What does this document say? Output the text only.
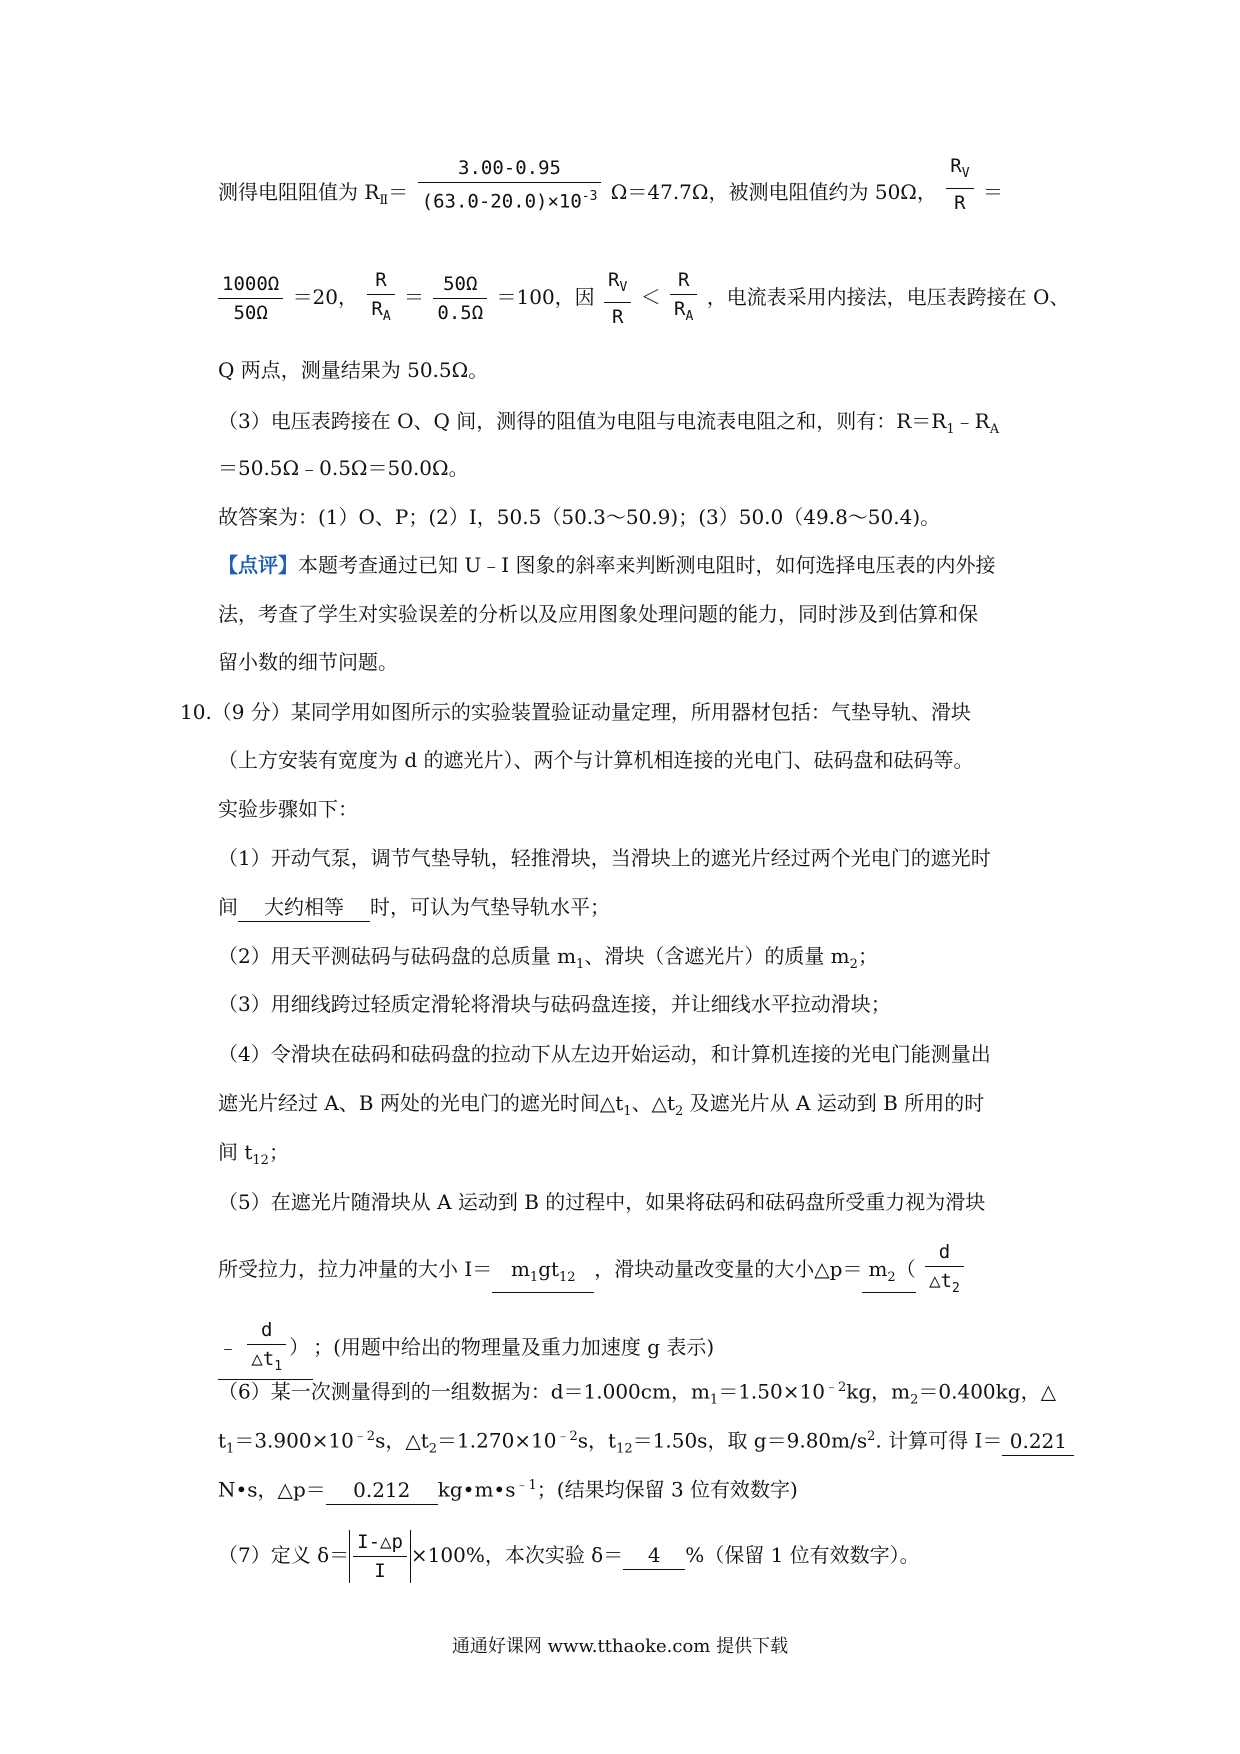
测得电阻阻值为 $R_Ⅱ= \frac{3.00-0.95}{(63.0-20.0)\times 10^{-3}} \Omega=47.7\Omega$，被测电阻值约为 50Ω， $\frac{R_V}{R}$ ＝
$\frac{1000\Omega}{50\Omega} =20$， $\frac{R}{R_A} = \frac{50\Omega}{0.5\Omega} =100$，因 $\frac{R_V}{R} < \frac{R}{R_A}$ ，电流表采用内接法，电压表跨接在 O、
Q 两点，测量结果为 50.5Ω。
（3）电压表跨接在 O、Q 间，测得的阻值为电阻与电流表电阻之和，则有：$R=R_1﹣R_A$
＝50.5Ω﹣0.5Ω＝50.0Ω。
故答案为：(1）O、P；(2）Ⅰ，50.5（50.3～50.9)；(3）50.0（49.8～50.4)。
【点评】本题考查通过已知 U﹣I 图象的斜率来判断测电阻时，如何选择电压表的内外接
法，考查了学生对实验误差的分析以及应用图象处理问题的能力，同时涉及到估算和保
留小数的细节问题。
10.（9 分）某同学用如图所示的实验装置验证动量定理，所用器材包括：气垫导轨、滑块
（上方安装有宽度为 d 的遮光片）、两个与计算机相连接的光电门、砝码盘和砝码等。
实验步骤如下：
（1）开动气泵，调节气垫导轨，轻推滑块，当滑块上的遮光片经过两个光电门的遮光时
间 大约相等 时，可认为气垫导轨水平；
（2）用天平测砝码与砝码盘的总质量 $m_1$、滑块（含遮光片）的质量 $m_2$；
（3）用细线跨过轻质定滑轮将滑块与砝码盘连接，并让细线水平拉动滑块；
（4）令滑块在砝码和砝码盘的拉动下从左边开始运动，和计算机连接的光电门能测量出
遮光片经过 A、B 两处的光电门的遮光时间$\triangle t_1$、$\triangle t_2$ 及遮光片从 A 运动到 B 所用的时
间 $t_{12}$；
（5）在遮光片随滑块从 A 运动到 B 的过程中，如果将砝码和砝码盘所受重力视为滑块
所受拉力，拉力冲量的大小 $I= m_1gt_{12}$ ，滑块动量改变量的大小△p＝ $m_2( \frac{d}{\triangle t_2}$
﹣ $\frac{d}{\triangle t_1}$ ） ；(用题中给出的物理量及重力加速度 g 表示)
（6）某一次测量得到的一组数据为：d＝1.000cm，$m_1=1.50\times 10^{﹣2}kg$，$m_2=0.400kg$，△
$t_1=3.900\times 10^{﹣2}s$，$\triangle t_2=1.270\times 10^{﹣2}s$，$t_{12}=1.50s$，取 $g=9.80m/s^2$. 计算可得 I＝ 0.221
N•s，△p＝ 0.212 $kg•m•s^{﹣1}$；(结果均保留 3 位有效数字)
（7）定义 $\delta= \frac{I-\triangle p}{I} \times 100\%$，本次实验 δ＝ 4 %（保留 1 位有效数字）。
通通好课网 www.tthaoke.com 提供下载
